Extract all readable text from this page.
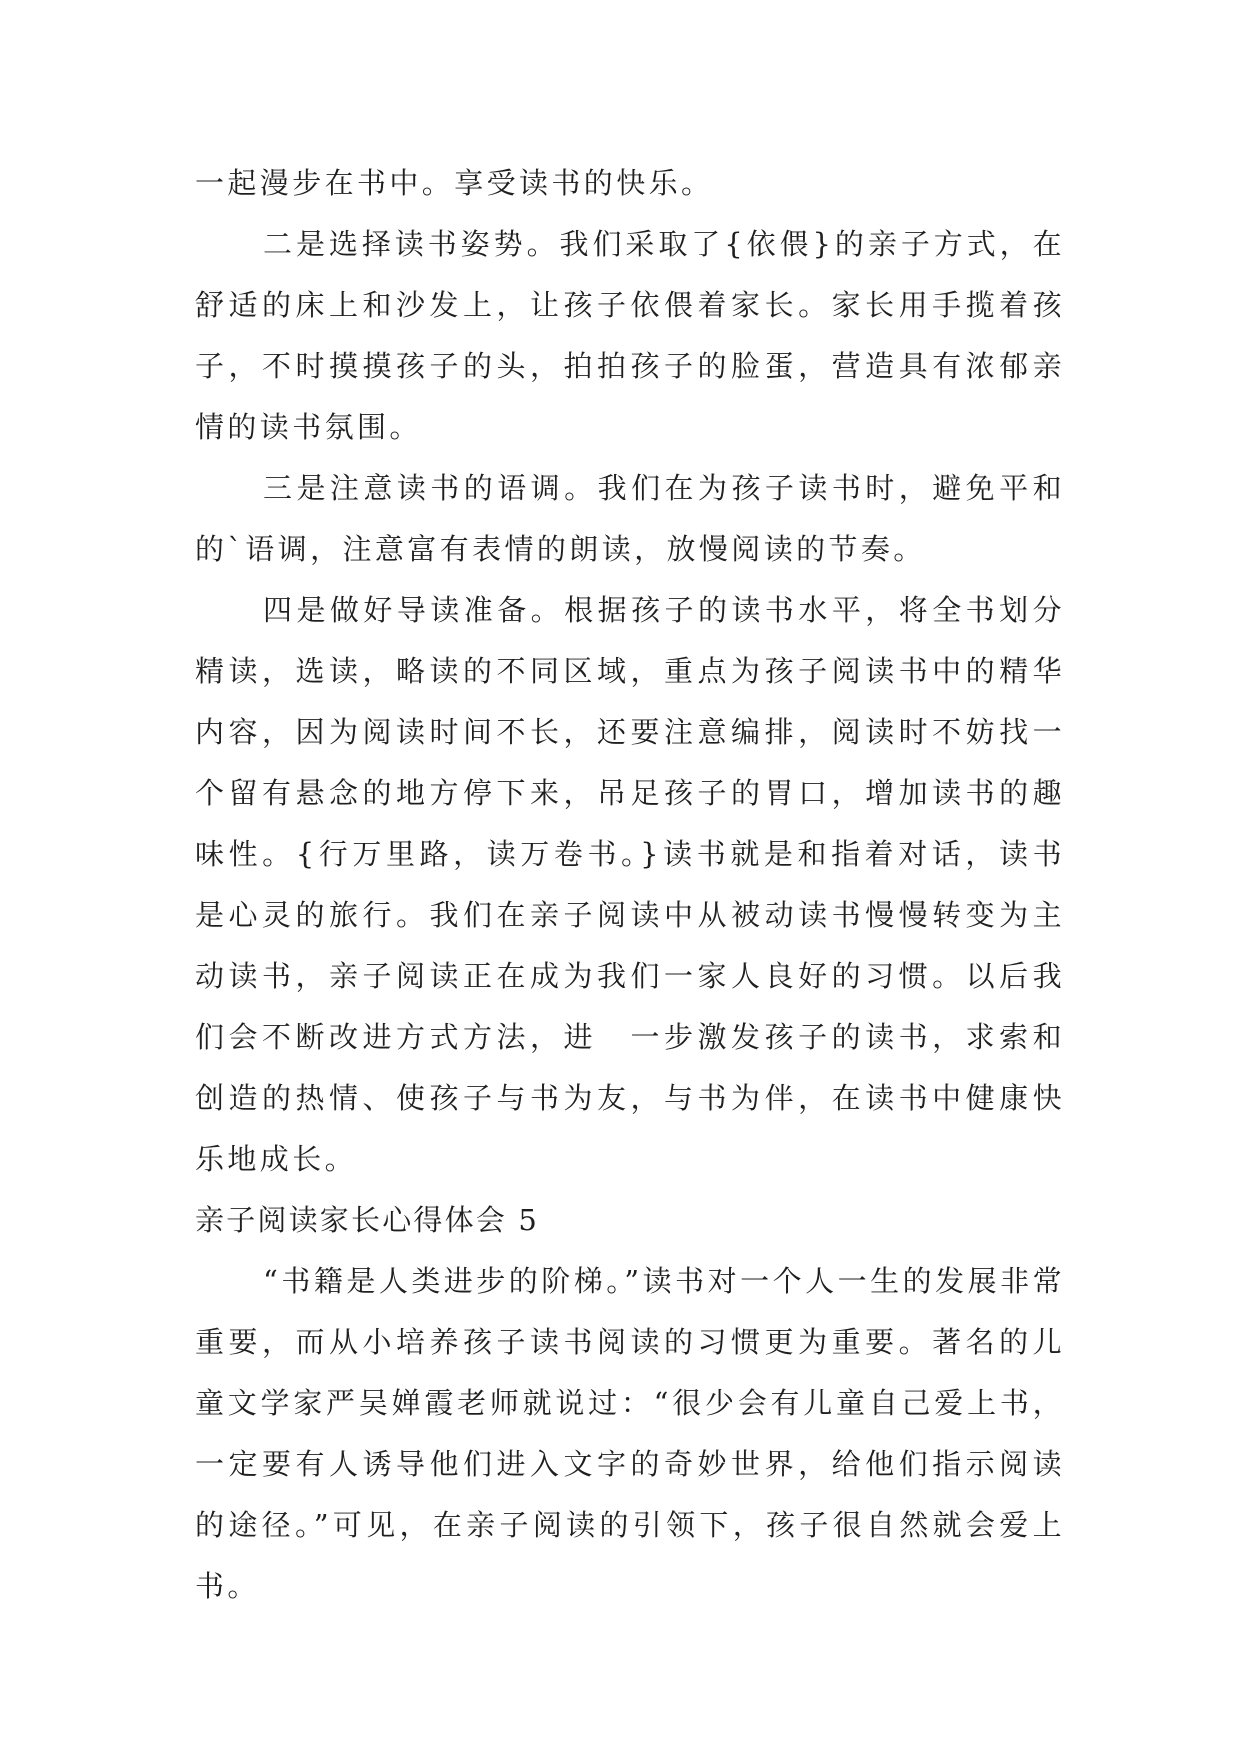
一起漫步在书中。享受读书的快乐。

二是选择读书姿势。我们采取了{依偎}的亲子方式，在舒适的床上和沙发上，让孩子依偎着家长。家长用手揽着孩子，不时摸摸孩子的头，拍拍孩子的脸蛋，营造具有浓郁亲情的读书氛围。

三是注意读书的语调。我们在为孩子读书时，避免平和的`语调，注意富有表情的朗读，放慢阅读的节奏。

四是做好导读准备。根据孩子的读书水平，将全书划分精读，选读，略读的不同区域，重点为孩子阅读书中的精华内容，因为阅读时间不长，还要注意编排，阅读时不妨找一个留有悬念的地方停下来，吊足孩子的胃口，增加读书的趣味性。{行万里路，读万卷书。}读书就是和指着对话，读书是心灵的旅行。我们在亲子阅读中从被动读书慢慢转变为主动读书，亲子阅读正在成为我们一家人良好的习惯。以后我们会不断改进方式方法，进　一步激发孩子的读书，求索和创造的热情、使孩子与书为友，与书为伴，在读书中健康快乐地成长。

亲子阅读家长心得体会 5

“书籍是人类进步的阶梯。”读书对一个人一生的发展非常重要，而从小培养孩子读书阅读的习惯更为重要。著名的儿童文学家严吴婵霞老师就说过：“很少会有儿童自己爱上书，一定要有人诱导他们进入文字的奇妙世界，给他们指示阅读的途径。”可见，在亲子阅读的引领下，孩子很自然就会爱上书。
